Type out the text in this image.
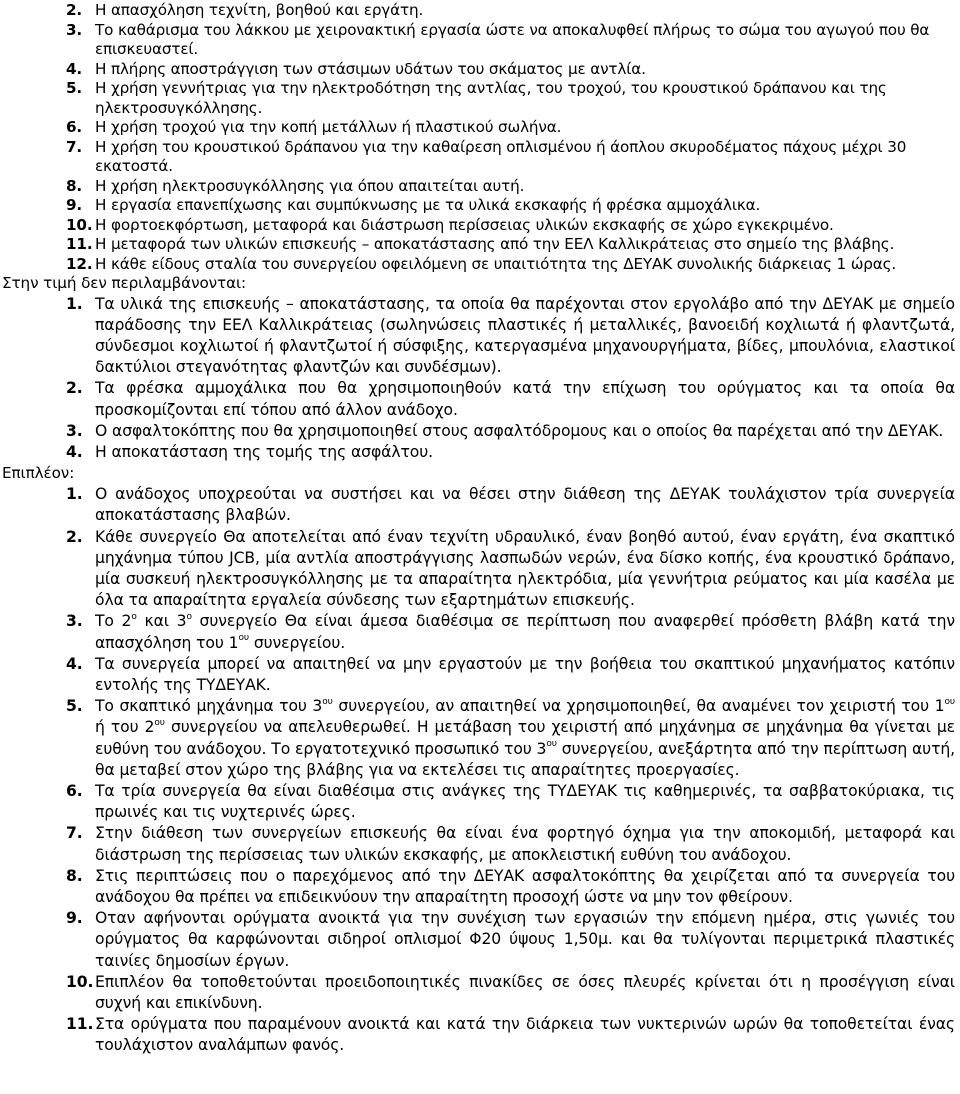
2. Η απασχόληση τεχνίτη, βοηθού και εργάτη.
3. Το καθάρισμα του λάκκου με χειρονακτική εργασία ώστε να αποκαλυφθεί πλήρως το σώμα του αγωγού που θα επισκευαστεί.
4. Η πλήρης αποστράγγιση των στάσιμων υδάτων του σκάματος με αντλία.
5. Η χρήση γεννήτριας για την ηλεκτροδότηση της αντλίας, του τροχού, του κρουστικού δράπανου και της ηλεκτροσυγκόλλησης.
6. Η χρήση τροχού για την κοπή μετάλλων ή πλαστικού σωλήνα.
7. Η χρήση του κρουστικού δράπανου για την καθαίρεση οπλισμένου ή άοπλου σκυροδέματος πάχους μέχρι 30 εκατοστά.
8. Η χρήση ηλεκτροσυγκόλλησης για όπου απαιτείται αυτή.
9. Η εργασία επανεπίχωσης και συμπύκνωσης με τα υλικά εκσκαφής ή φρέσκα αμμοχάλικα.
10. Η φορτοεκφόρτωση, μεταφορά και διάστρωση περίσσειας υλικών εκσκαφής σε χώρο εγκεκριμένο.
11. Η μεταφορά των υλικών επισκευής – αποκατάστασης από την ΕΕΛ Καλλικράτειας στο σημείο της βλάβης.
12. Η κάθε είδους σταλία του συνεργείου οφειλόμενη σε υπαιτιότητα της ΔΕΥΑΚ συνολικής διάρκειας 1 ώρας.
Στην τιμή δεν περιλαμβάνονται:
1. Τα υλικά της επισκευής – αποκατάστασης, τα οποία θα παρέχονται στον εργολάβο από την ΔΕΥΑΚ με σημείο παράδοσης την ΕΕΛ Καλλικράτειας (σωληνώσεις πλαστικές ή μεταλλικές, βανοειδή κοχλιωτά ή φλαντζωτά, σύνδεσμοι κοχλιωτοί ή φλαντζωτοί ή σύσφιξης, κατεργασμένα μηχανουργήματα, βίδες, μπουλόνια, ελαστικοί δακτύλιοι στεγανότητας φλαντζών και συνδέσμων).
2. Τα φρέσκα αμμοχάλικα που θα χρησιμοποιηθούν κατά την επίχωση του ορύγματος και τα οποία θα προσκομίζονται επί τόπου από άλλον ανάδοχο.
3. Ο ασφαλτοκόπτης που θα χρησιμοποιηθεί στους ασφαλτόδρομους και ο οποίος θα παρέχεται από την ΔΕΥΑΚ.
4. Η αποκατάσταση της τομής της ασφάλτου.
Επιπλέον:
1. Ο ανάδοχος υποχρεούται να συστήσει και να θέσει στην διάθεση της ΔΕΥΑΚ τουλάχιστον τρία συνεργεία αποκατάστασης βλαβών.
2. Κάθε συνεργείο Θα αποτελείται από έναν τεχνίτη υδραυλικό, έναν βοηθό αυτού, έναν εργάτη, ένα σκαπτικό μηχάνημα τύπου JCB, μία αντλία αποστράγγισης λασπωδών νερών, ένα δίσκο κοπής, ένα κρουστικό δράπανο, μία συσκευή ηλεκτροσυγκόλλησης με τα απαραίτητα ηλεκτρόδια, μία γεννήτρια ρεύματος και μία κασέλα με όλα τα απαραίτητα εργαλεία σύνδεσης των εξαρτημάτων επισκευής.
3. Το $2^o$ και $3^o$ συνεργείο Θα είναι άμεσα διαθέσιμα σε περίπτωση που αναφερθεί πρόσθετη βλάβη κατά την απασχόληση του $1^{o\upsilon}$ συνεργείου.
4. Τα συνεργεία μπορεί να απαιτηθεί να μην εργαστούν με την βοήθεια του σκαπτικού μηχανήματος κατόπιν εντολής της ΤΥΔΕΥΑΚ.
5. Το σκαπτικό μηχάνημα του $3^{o\upsilon}$ συνεργείου, αν απαιτηθεί να χρησιμοποιηθεί, θα αναμένει τον χειριστή του $1^{o\upsilon}$ ή του $2^{o\upsilon}$ συνεργείου να απελευθερωθεί. Η μετάβαση του χειριστή από μηχάνημα σε μηχάνημα θα γίνεται με ευθύνη του ανάδοχου. Το εργατοτεχνικό προσωπικό του $3^{o\upsilon}$ συνεργείου, ανεξάρτητα από την περίπτωση αυτή, θα μεταβεί στον χώρο της βλάβης για να εκτελέσει τις απαραίτητες προεργασίες.
6. Τα τρία συνεργεία θα είναι διαθέσιμα στις ανάγκες της ΤΥΔΕΥΑΚ τις καθημερινές, τα σαββατοκύριακα, τις πρωινές και τις νυχτερινές ώρες.
7. Στην διάθεση των συνεργείων επισκευής θα είναι ένα φορτηγό όχημα για την αποκομιδή, μεταφορά και διάστρωση της περίσσειας των υλικών εκσκαφής, με αποκλειστική ευθύνη του ανάδοχου.
8. Στις περιπτώσεις που ο παρεχόμενος από την ΔΕΥΑΚ ασφαλτοκόπτης θα χειρίζεται από τα συνεργεία του ανάδοχου θα πρέπει να επιδεικνύουν την απαραίτητη προσοχή ώστε να μην τον φθείρουν.
9. Οταν αφήνονται ορύγματα ανοικτά για την συνέχιση των εργασιών την επόμενη ημέρα, στις γωνιές του ορύγματος θα καρφώνονται σιδηροί οπλισμοί Φ20 ύψους 1,50μ. και θα τυλίγονται περιμετρικά πλαστικές ταινίες δημοσίων έργων.
10. Επιπλέον θα τοποθετούνται προειδοποιητικές πινακίδες σε όσες πλευρές κρίνεται ότι η προσέγγιση είναι συχνή και επικίνδυνη.
11. Στα ορύγματα που παραμένουν ανοικτά και κατά την διάρκεια των νυκτερινών ωρών θα τοποθετείται ένας τουλάχιστον αναλάμπων φανός.
